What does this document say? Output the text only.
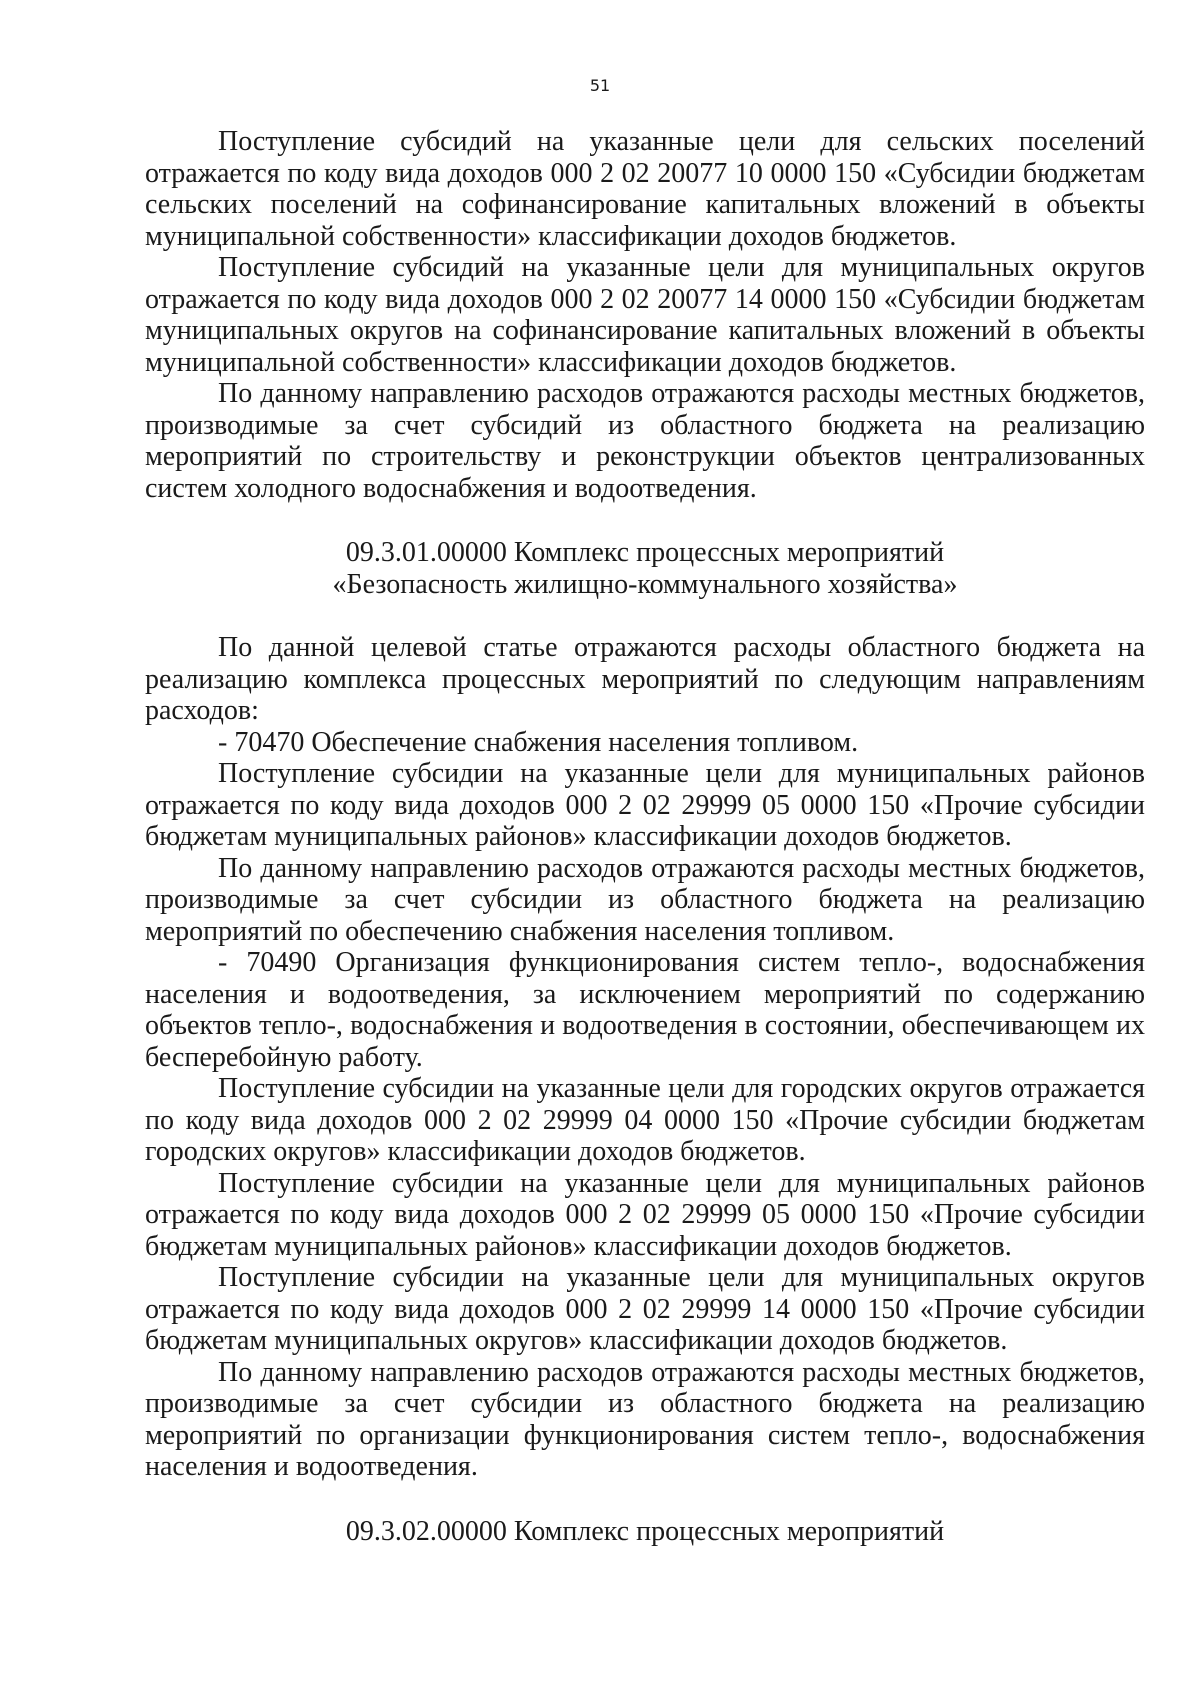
51

Поступление субсидий на указанные цели для сельских поселений отражается по коду вида доходов 000 2 02 20077 10 0000 150 «Субсидии бюджетам сельских поселений на софинансирование капитальных вложений в объекты муниципальной собственности» классификации доходов бюджетов.

Поступление субсидий на указанные цели для муниципальных округов отражается по коду вида доходов 000 2 02 20077 14 0000 150 «Субсидии бюджетам муниципальных округов на софинансирование капитальных вложений в объекты муниципальной собственности» классификации доходов бюджетов.

По данному направлению расходов отражаются расходы местных бюджетов, производимые за счет субсидий из областного бюджета на реализацию мероприятий по строительству и реконструкции объектов централизованных систем холодного водоснабжения и водоотведения.

09.3.01.00000 Комплекс процессных мероприятий
«Безопасность жилищно-коммунального хозяйства»

По данной целевой статье отражаются расходы областного бюджета на реализацию комплекса процессных мероприятий по следующим направлениям расходов:

- 70470 Обеспечение снабжения населения топливом.

Поступление субсидии на указанные цели для муниципальных районов отражается по коду вида доходов 000 2 02 29999 05 0000 150 «Прочие субсидии бюджетам муниципальных районов» классификации доходов бюджетов.

По данному направлению расходов отражаются расходы местных бюджетов, производимые за счет субсидии из областного бюджета на реализацию мероприятий по обеспечению снабжения населения топливом.

- 70490 Организация функционирования систем тепло-, водоснабжения населения и водоотведения, за исключением мероприятий по содержанию объектов тепло-, водоснабжения и водоотведения в состоянии, обеспечивающем их бесперебойную работу.

Поступление субсидии на указанные цели для городских округов отражается по коду вида доходов 000 2 02 29999 04 0000 150 «Прочие субсидии бюджетам городских округов» классификации доходов бюджетов.

Поступление субсидии на указанные цели для муниципальных районов отражается по коду вида доходов 000 2 02 29999 05 0000 150 «Прочие субсидии бюджетам муниципальных районов» классификации доходов бюджетов.

Поступление субсидии на указанные цели для муниципальных округов отражается по коду вида доходов 000 2 02 29999 14 0000 150 «Прочие субсидии бюджетам муниципальных округов» классификации доходов бюджетов.

По данному направлению расходов отражаются расходы местных бюджетов, производимые за счет субсидии из областного бюджета на реализацию мероприятий по организации функционирования систем тепло-, водоснабжения населения и водоотведения.

09.3.02.00000 Комплекс процессных мероприятий
